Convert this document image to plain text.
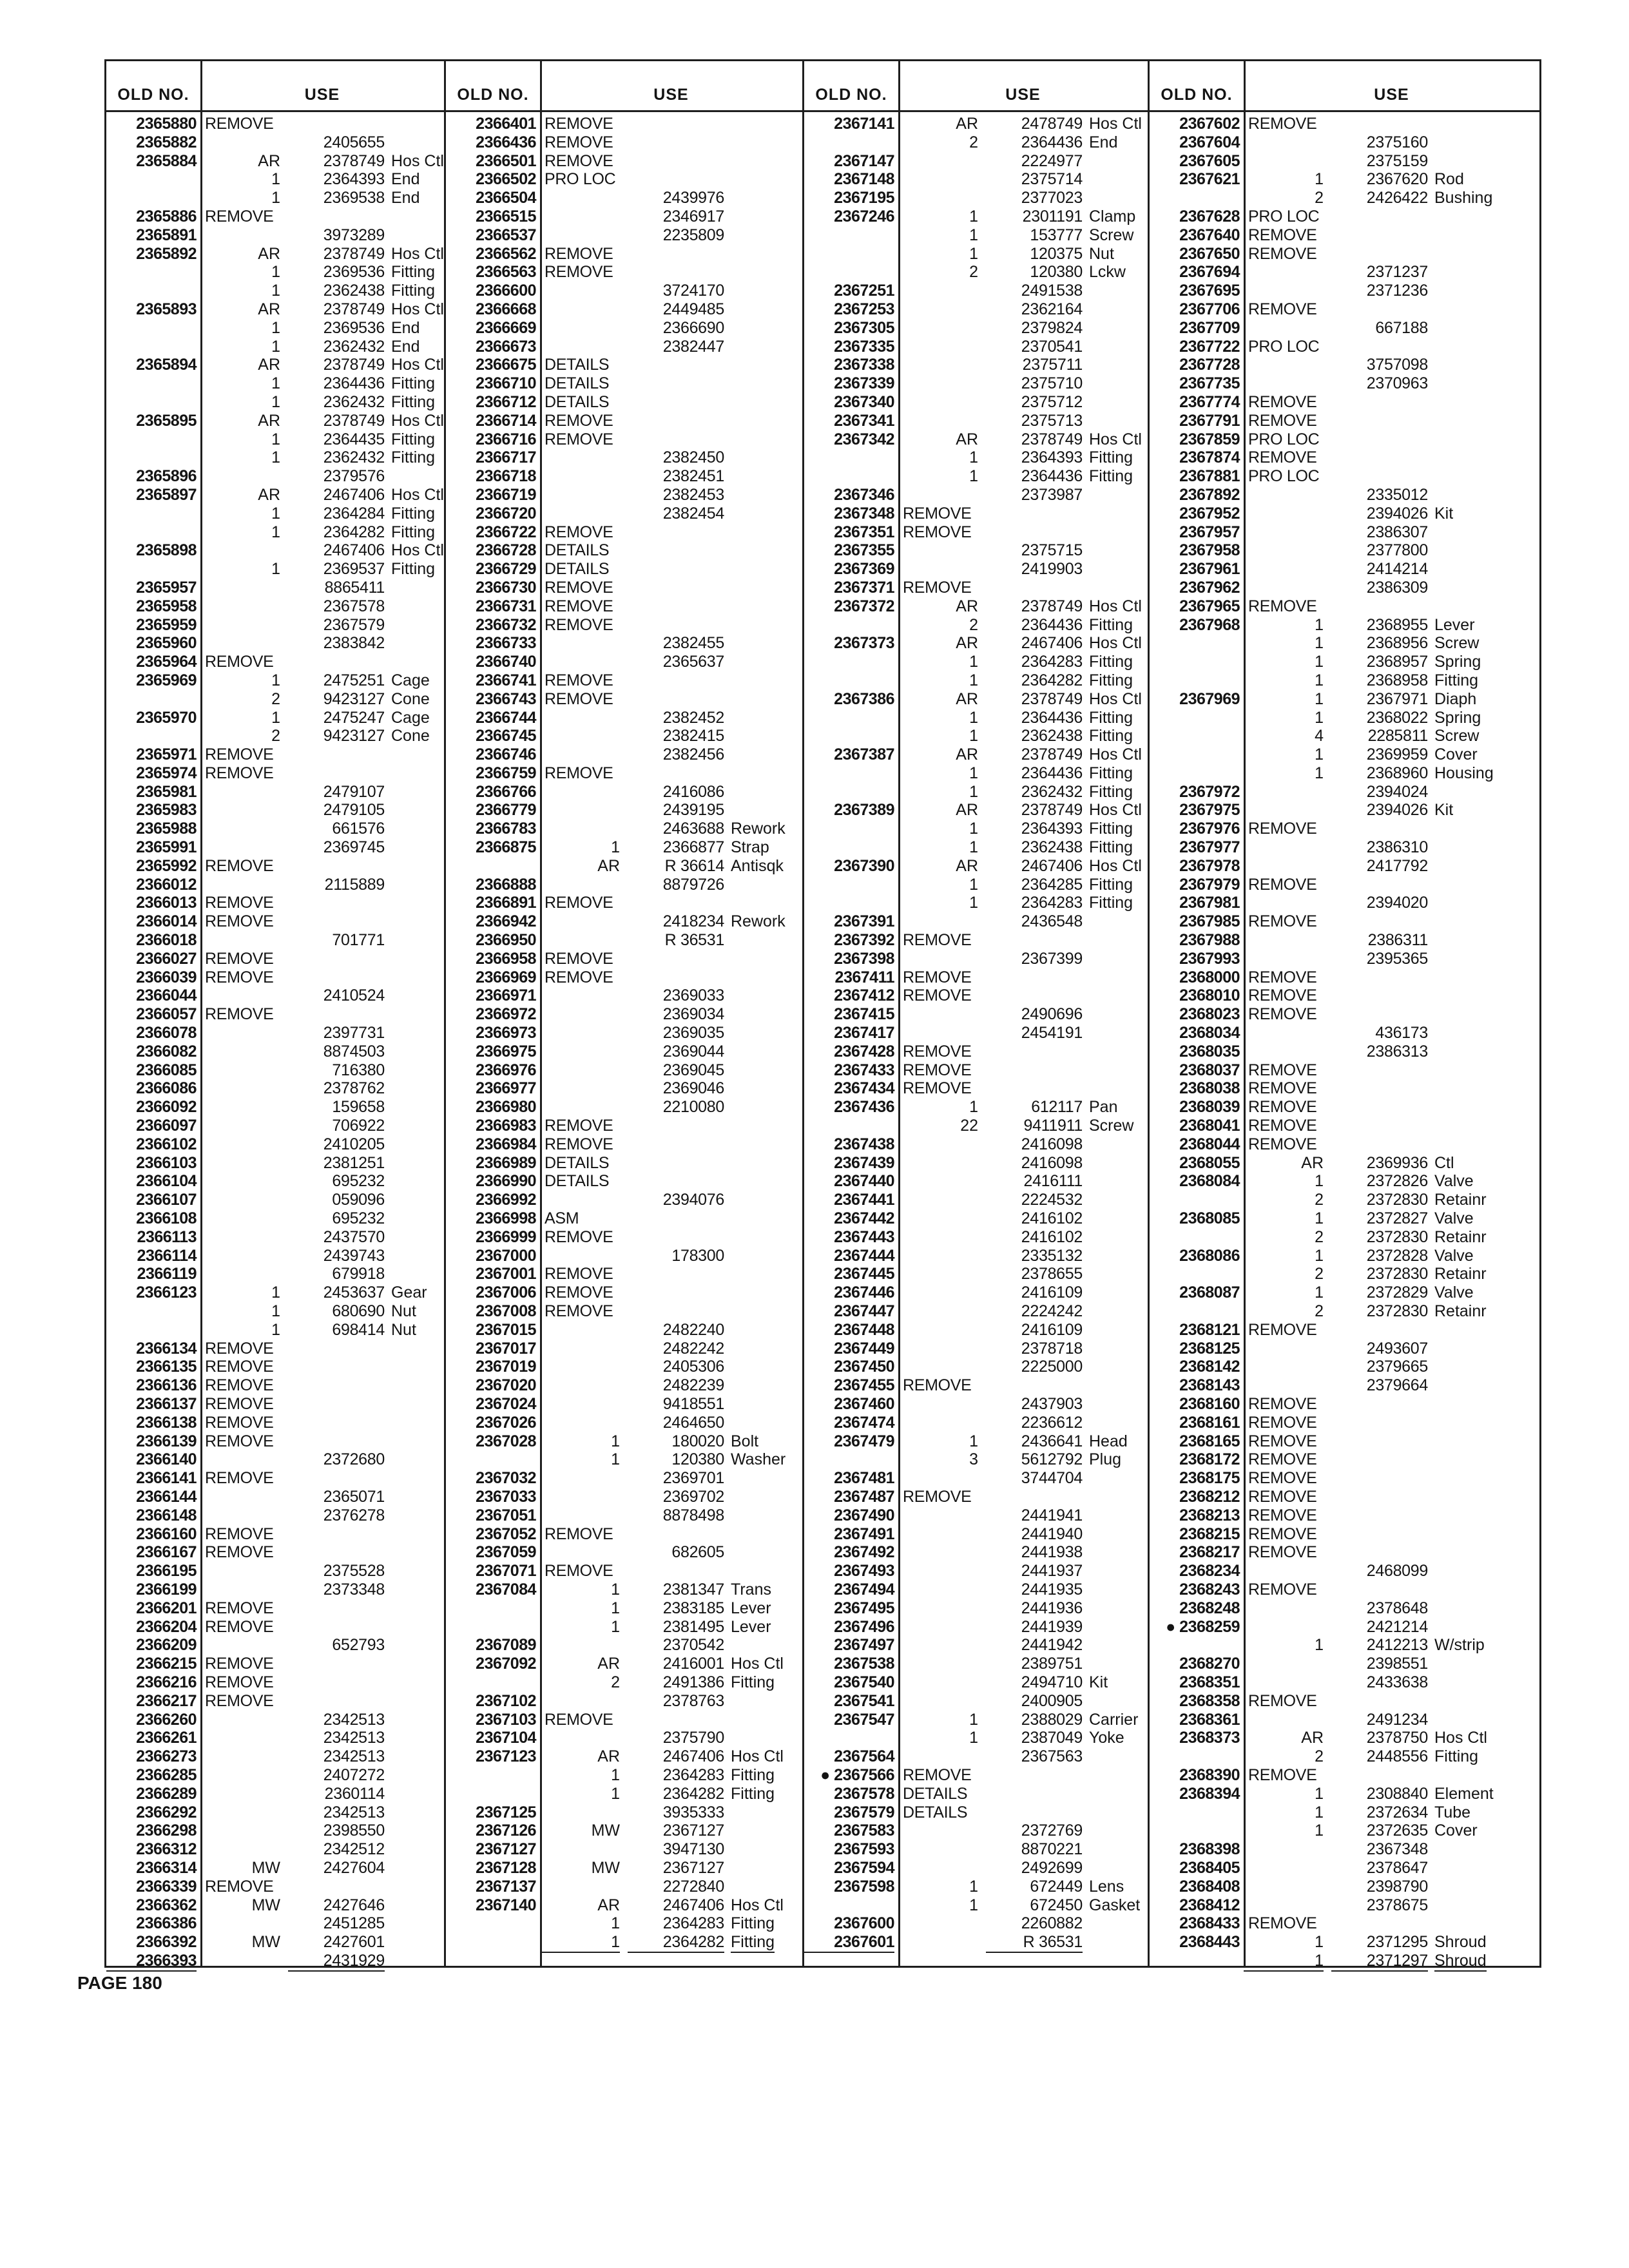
OLD NO.	USE
2365880 REMOVE
2365882	2405655
2365884	AR	2378749 Hos Ctl
1	2364393 End
1	2369538 End
2365886 REMOVE
2365891	3973289
2365892	AR	2378749 Hos Ctl
1	2369536 Fitting
1	2362438 Fitting
2365893	AR	2378749 Hos Ctl
1	2369536 End
1	2362432 End
2365894	AR	2378749 Hos Ctl
1	2364436 Fitting
1	2362432 Fitting
2365895	AR	2378749 Hos Ctl
1	2364435 Fitting
1	2362432 Fitting
2365896	2379576
2365897	AR	2467406 Hos Ctl
1	2364284 Fitting
1	2364282 Fitting
2365898	2467406 Hos Ctl
1	2369537 Fitting
2365957	8865411
2365958	2367578
2365959	2367579
2365960	2383842
2365964 REMOVE
2365969	1	2475251 Cage
2	9423127 Cone
2365970	1	2475247 Cage
2	9423127 Cone
2365971 REMOVE
2365974 REMOVE
2365981	2479107
2365983	2479105
2365988	661576
2365991	2369745
2365992 REMOVE
2366012	2115889
2366013 REMOVE
2366014 REMOVE
2366018	701771
2366027 REMOVE
2366039 REMOVE
2366044	2410524
2366057 REMOVE
2366078	2397731
2366082	8874503
2366085	716380
2366086	2378762
2366092	159658
2366097	706922
2366102	2410205
2366103	2381251
2366104	695232
2366107	059096
2366108	695232
2366113	2437570
2366114	2439743
2366119	679918
2366123	1	2453637 Gear
1	680690 Nut
1	698414 Nut
2366134 REMOVE
2366135 REMOVE
2366136 REMOVE
2366137 REMOVE
2366138 REMOVE
2366139 REMOVE
2366140	2372680
2366141 REMOVE
2366144	2365071
2366148	2376278
2366160 REMOVE
2366167 REMOVE
2366195	2375528
2366199	2373348
2366201 REMOVE
2366204 REMOVE
2366209	652793
2366215 REMOVE
2366216 REMOVE
2366217 REMOVE
2366260	2342513
2366261	2342513
2366273	2342513
2366285	2407272
2366289	2360114
2366292	2342513
2366298	2398550
2366312	2342512
2366314	MW	2427604
2366339 REMOVE
2366362	MW	2427646
2366386	2451285
2366392	MW	2427601
2366393	2431929
OLD NO.	USE
2366401 REMOVE
2366436 REMOVE
2366501 REMOVE
2366502 PRO LOC
2366504	2439976
2366515	2346917
2366537	2235809
2366562 REMOVE
2366563 REMOVE
2366600	3724170
2366668	2449485
2366669	2366690
2366673	2382447
2366675 DETAILS
2366710 DETAILS
2366712 DETAILS
2366714 REMOVE
2366716 REMOVE
2366717	2382450
2366718	2382451
2366719	2382453
2366720	2382454
2366722 REMOVE
2366728 DETAILS
2366729 DETAILS
2366730 REMOVE
2366731 REMOVE
2366732 REMOVE
2366733	2382455
2366740	2365637
2366741 REMOVE
2366743 REMOVE
2366744	2382452
2366745	2382415
2366746	2382456
2366759 REMOVE
2366766	2416086
2366779	2439195
2366783	2463688 Rework
2366875	1	2366877 Strap
AR	R 36614 Antisqk
2366888	8879726
2366891 REMOVE
2366942	2418234 Rework
2366950	R 36531
2366958 REMOVE
2366969 REMOVE
2366971	2369033
2366972	2369034
2366973	2369035
2366975	2369044
2366976	2369045
2366977	2369046
2366980	2210080
2366983 REMOVE
2366984 REMOVE
2366989 DETAILS
2366990 DETAILS
2366992	2394076
2366998 ASM
2366999 REMOVE
2367000	178300
2367001 REMOVE
2367006 REMOVE
2367008 REMOVE
2367015	2482240
2367017	2482242
2367019	2405306
2367020	2482239
2367024	9418551
2367026	2464650
2367028	1	180020 Bolt
1	120380 Washer
2367032	2369701
2367033	2369702
2367051	8878498
2367052 REMOVE
2367059	682605
2367071 REMOVE
2367084	1	2381347 Trans
1	2383185 Lever
1	2381495 Lever
2367089	2370542
2367092	AR	2416001 Hos Ctl
2	2491386 Fitting
2367102	2378763
2367103 REMOVE
2367104	2375790
2367123	AR	2467406 Hos Ctl
1	2364283 Fitting
1	2364282 Fitting
2367125	3935333
2367126	MW	2367127
2367127	3947130
2367128	MW	2367127
2367137	2272840
2367140	AR	2467406 Hos Ctl
1	2364283 Fitting
1	2364282 Fitting
OLD NO.	USE
2367141	AR	2478749 Hos Ctl
2	2364436 End
2367147	2224977
2367148	2375714
2367195	2377023
2367246	1	2301191 Clamp
1	153777 Screw
1	120375 Nut
2	120380 Lckw
2367251	2491538
2367253	2362164
2367305	2379824
2367335	2370541
2367338	2375711
2367339	2375710
2367340	2375712
2367341	2375713
2367342	AR	2378749 Hos Ctl
1	2364393 Fitting
1	2364436 Fitting
2367346	2373987
2367348 REMOVE
2367351 REMOVE
2367355	2375715
2367369	2419903
2367371 REMOVE
2367372	AR	2378749 Hos Ctl
2	2364436 Fitting
2367373	AR	2467406 Hos Ctl
1	2364283 Fitting
1	2364282 Fitting
2367386	AR	2378749 Hos Ctl
1	2364436 Fitting
1	2362438 Fitting
2367387	AR	2378749 Hos Ctl
1	2364436 Fitting
1	2362432 Fitting
2367389	AR	2378749 Hos Ctl
1	2364393 Fitting
1	2362438 Fitting
2367390	AR	2467406 Hos Ctl
1	2364285 Fitting
1	2364283 Fitting
2367391	2436548
2367392 REMOVE
2367398	2367399
2367411 REMOVE
2367412 REMOVE
2367415	2490696
2367417	2454191
2367428 REMOVE
2367433 REMOVE
2367434 REMOVE
2367436	1	612117 Pan
22	9411911 Screw
2367438	2416098
2367439	2416098
2367440	2416111
2367441	2224532
2367442	2416102
2367443	2416102
2367444	2335132
2367445	2378655
2367446	2416109
2367447	2224242
2367448	2416109
2367449	2378718
2367450	2225000
2367455 REMOVE
2367460	2437903
2367474	2236612
2367479	1	2436641 Head
3	5612792 Plug
2367481	3744704
2367487 REMOVE
2367490	2441941
2367491	2441940
2367492	2441938
2367493	2441937
2367494	2441935
2367495	2441936
2367496	2441939
2367497	2441942
2367538	2389751
2367540	2494710 Kit
2367541	2400905
2367547	1	2388029 Carrier
1	2387049 Yoke
2367564	2367563
● 2367566 REMOVE
2367578 DETAILS
2367579 DETAILS
2367583	2372769
2367593	8870221
2367594	2492699
2367598	1	672449 Lens
1	672450 Gasket
2367600	2260882
2367601	R 36531
OLD NO.	USE
2367602 REMOVE
2367604	2375160
2367605	2375159
2367621	1	2367620 Rod
2	2426422 Bushing
2367628 PRO LOC
2367640 REMOVE
2367650 REMOVE
2367694	2371237
2367695	2371236
2367706 REMOVE
2367709	667188
2367722 PRO LOC
2367728	3757098
2367735	2370963
2367774 REMOVE
2367791 REMOVE
2367859 PRO LOC
2367874 REMOVE
2367881 PRO LOC
2367892	2335012
2367952	2394026 Kit
2367957	2386307
2367958	2377800
2367961	2414214
2367962	2386309
2367965 REMOVE
2367968	1	2368955 Lever
1	2368956 Screw
1	2368957 Spring
1	2368958 Fitting
2367969	1	2367971 Diaph
1	2368022 Spring
4	2285811 Screw
1	2369959 Cover
1	2368960 Housing
2367972	2394024
2367975	2394026 Kit
2367976 REMOVE
2367977	2386310
2367978	2417792
2367979 REMOVE
2367981	2394020
2367985 REMOVE
2367988	2386311
2367993	2395365
2368000 REMOVE
2368010 REMOVE
2368023 REMOVE
2368034	436173
2368035	2386313
2368037 REMOVE
2368038 REMOVE
2368039 REMOVE
2368041 REMOVE
2368044 REMOVE
2368055	AR	2369936 Ctl
2368084	1	2372826 Valve
2	2372830 Retainr
2368085	1	2372827 Valve
2	2372830 Retainr
2368086	1	2372828 Valve
2	2372830 Retainr
2368087	1	2372829 Valve
2	2372830 Retainr
2368121 REMOVE
2368125	2493607
2368142	2379665
2368143	2379664
2368160 REMOVE
2368161 REMOVE
2368165 REMOVE
2368172 REMOVE
2368175 REMOVE
2368212 REMOVE
2368213 REMOVE
2368215 REMOVE
2368217 REMOVE
2368234	2468099
2368243 REMOVE
2368248	2378648
● 2368259	2421214
1	2412213 W/strip
2368270	2398551
2368351	2433638
2368358 REMOVE
2368361	2491234
2368373	AR	2378750 Hos Ctl
2	2448556 Fitting
2368390 REMOVE
2368394	1	2308840 Element
1	2372634 Tube
1	2372635 Cover
2368398	2367348
2368405	2378647
2368408	2398790
2368412	2378675
2368433 REMOVE
2368443	1	2371295 Shroud
1	2371297 Shroud
PAGE 180
